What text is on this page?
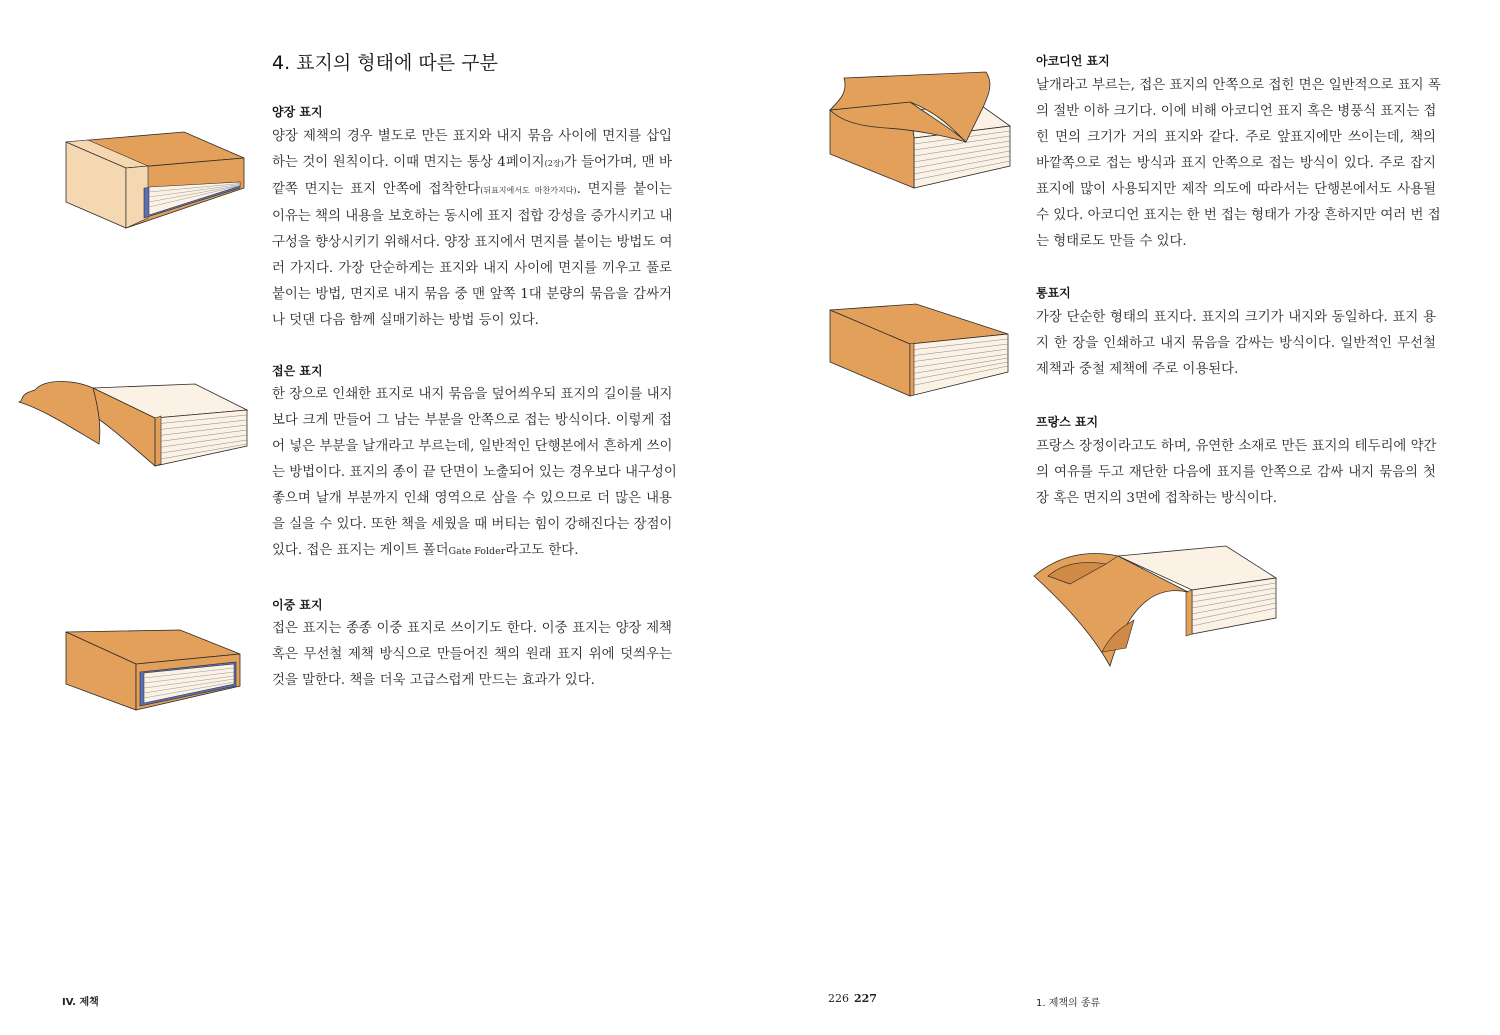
4. 표지의 형태에 따른 구분
양장 표지
양장 제책의 경우 별도로 만든 표지와 내지 묶음 사이에 면지를 삽입
하는 것이 원칙이다. 이때 면지는 통상 4페이지(2장)가 들어가며, 맨 바
깥쪽 면지는 표지 안쪽에 접착한다(뒤표지에서도 마찬가지다). 면지를 붙이는
이유는 책의 내용을 보호하는 동시에 표지 접합 강성을 증가시키고 내
구성을 향상시키기 위해서다. 양장 표지에서 면지를 붙이는 방법도 여
러 가지다. 가장 단순하게는 표지와 내지 사이에 면지를 끼우고 풀로
붙이는 방법, 면지로 내지 묶음 중 맨 앞쪽 1대 분량의 묶음을 감싸거
나 덧댄 다음 함께 실매기하는 방법 등이 있다.
접은 표지
한 장으로 인쇄한 표지로 내지 묶음을 덮어씌우되 표지의 길이를 내지
보다 크게 만들어 그 남는 부분을 안쪽으로 접는 방식이다. 이렇게 접
어 넣은 부분을 날개라고 부르는데, 일반적인 단행본에서 흔하게 쓰이
는 방법이다. 표지의 종이 끝 단면이 노출되어 있는 경우보다 내구성이
좋으며 날개 부분까지 인쇄 영역으로 삼을 수 있으므로 더 많은 내용
을 실을 수 있다. 또한 책을 세웠을 때 버티는 힘이 강해진다는 장점이
있다. 접은 표지는 게이트 폴더Gate Folder라고도 한다.
이중 표지
접은 표지는 종종 이중 표지로 쓰이기도 한다. 이중 표지는 양장 제책
혹은 무선철 제책 방식으로 만들어진 책의 원래 표지 위에 덧씌우는
것을 말한다. 책을 더욱 고급스럽게 만드는 효과가 있다.
IV. 제책	226
아코디언 표지
날개라고 부르는, 접은 표지의 안쪽으로 접힌 면은 일반적으로 표지 폭
의 절반 이하 크기다. 이에 비해 아코디언 표지 혹은 병풍식 표지는 접
힌 면의 크기가 거의 표지와 같다. 주로 앞표지에만 쓰이는데, 책의
바깥쪽으로 접는 방식과 표지 안쪽으로 접는 방식이 있다. 주로 잡지
표지에 많이 사용되지만 제작 의도에 따라서는 단행본에서도 사용될
수 있다. 아코디언 표지는 한 번 접는 형태가 가장 흔하지만 여러 번 접
는 형태로도 만들 수 있다.
통표지
가장 단순한 형태의 표지다. 표지의 크기가 내지와 동일하다. 표지 용
지 한 장을 인쇄하고 내지 묶음을 감싸는 방식이다. 일반적인 무선철
제책과 중철 제책에 주로 이용된다.
프랑스 표지
프랑스 장정이라고도 하며, 유연한 소재로 만든 표지의 테두리에 약간
의 여유를 두고 재단한 다음에 표지를 안쪽으로 감싸 내지 묶음의 첫
장 혹은 면지의 3면에 접착하는 방식이다.
227	1. 제책의 종류
